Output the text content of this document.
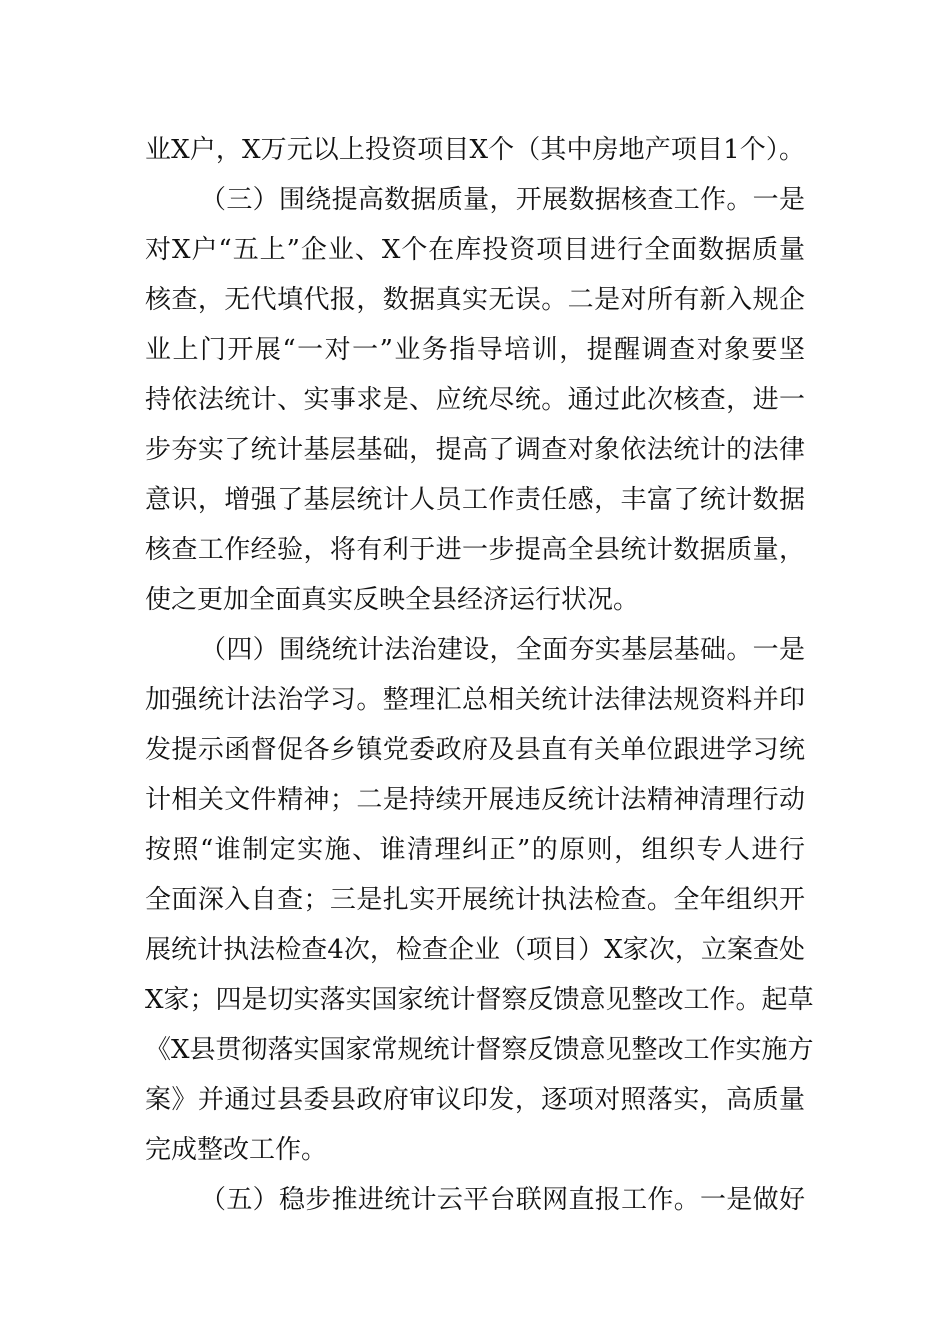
业X户，X万元以上投资项目X个（其中房地产项目1个）。
（三）围绕提高数据质量，开展数据核查工作。一是
对X户“五上”企业、X个在库投资项目进行全面数据质量
核查，无代填代报，数据真实无误。二是对所有新入规企
业上门开展“一对一”业务指导培训，提醒调查对象要坚
持依法统计、实事求是、应统尽统。通过此次核查，进一
步夯实了统计基层基础，提高了调查对象依法统计的法律
意识，增强了基层统计人员工作责任感，丰富了统计数据
核查工作经验，将有利于进一步提高全县统计数据质量，
使之更加全面真实反映全县经济运行状况。
（四）围绕统计法治建设，全面夯实基层基础。一是
加强统计法治学习。整理汇总相关统计法律法规资料并印
发提示函督促各乡镇党委政府及县直有关单位跟进学习统
计相关文件精神；二是持续开展违反统计法精神清理行动
按照“谁制定实施、谁清理纠正”的原则，组织专人进行
全面深入自查；三是扎实开展统计执法检查。全年组织开
展统计执法检查4次，检查企业（项目）X家次，立案查处
X家；四是切实落实国家统计督察反馈意见整改工作。起草
《X县贯彻落实国家常规统计督察反馈意见整改工作实施方
案》并通过县委县政府审议印发，逐项对照落实，高质量
完成整改工作。
（五）稳步推进统计云平台联网直报工作。一是做好
